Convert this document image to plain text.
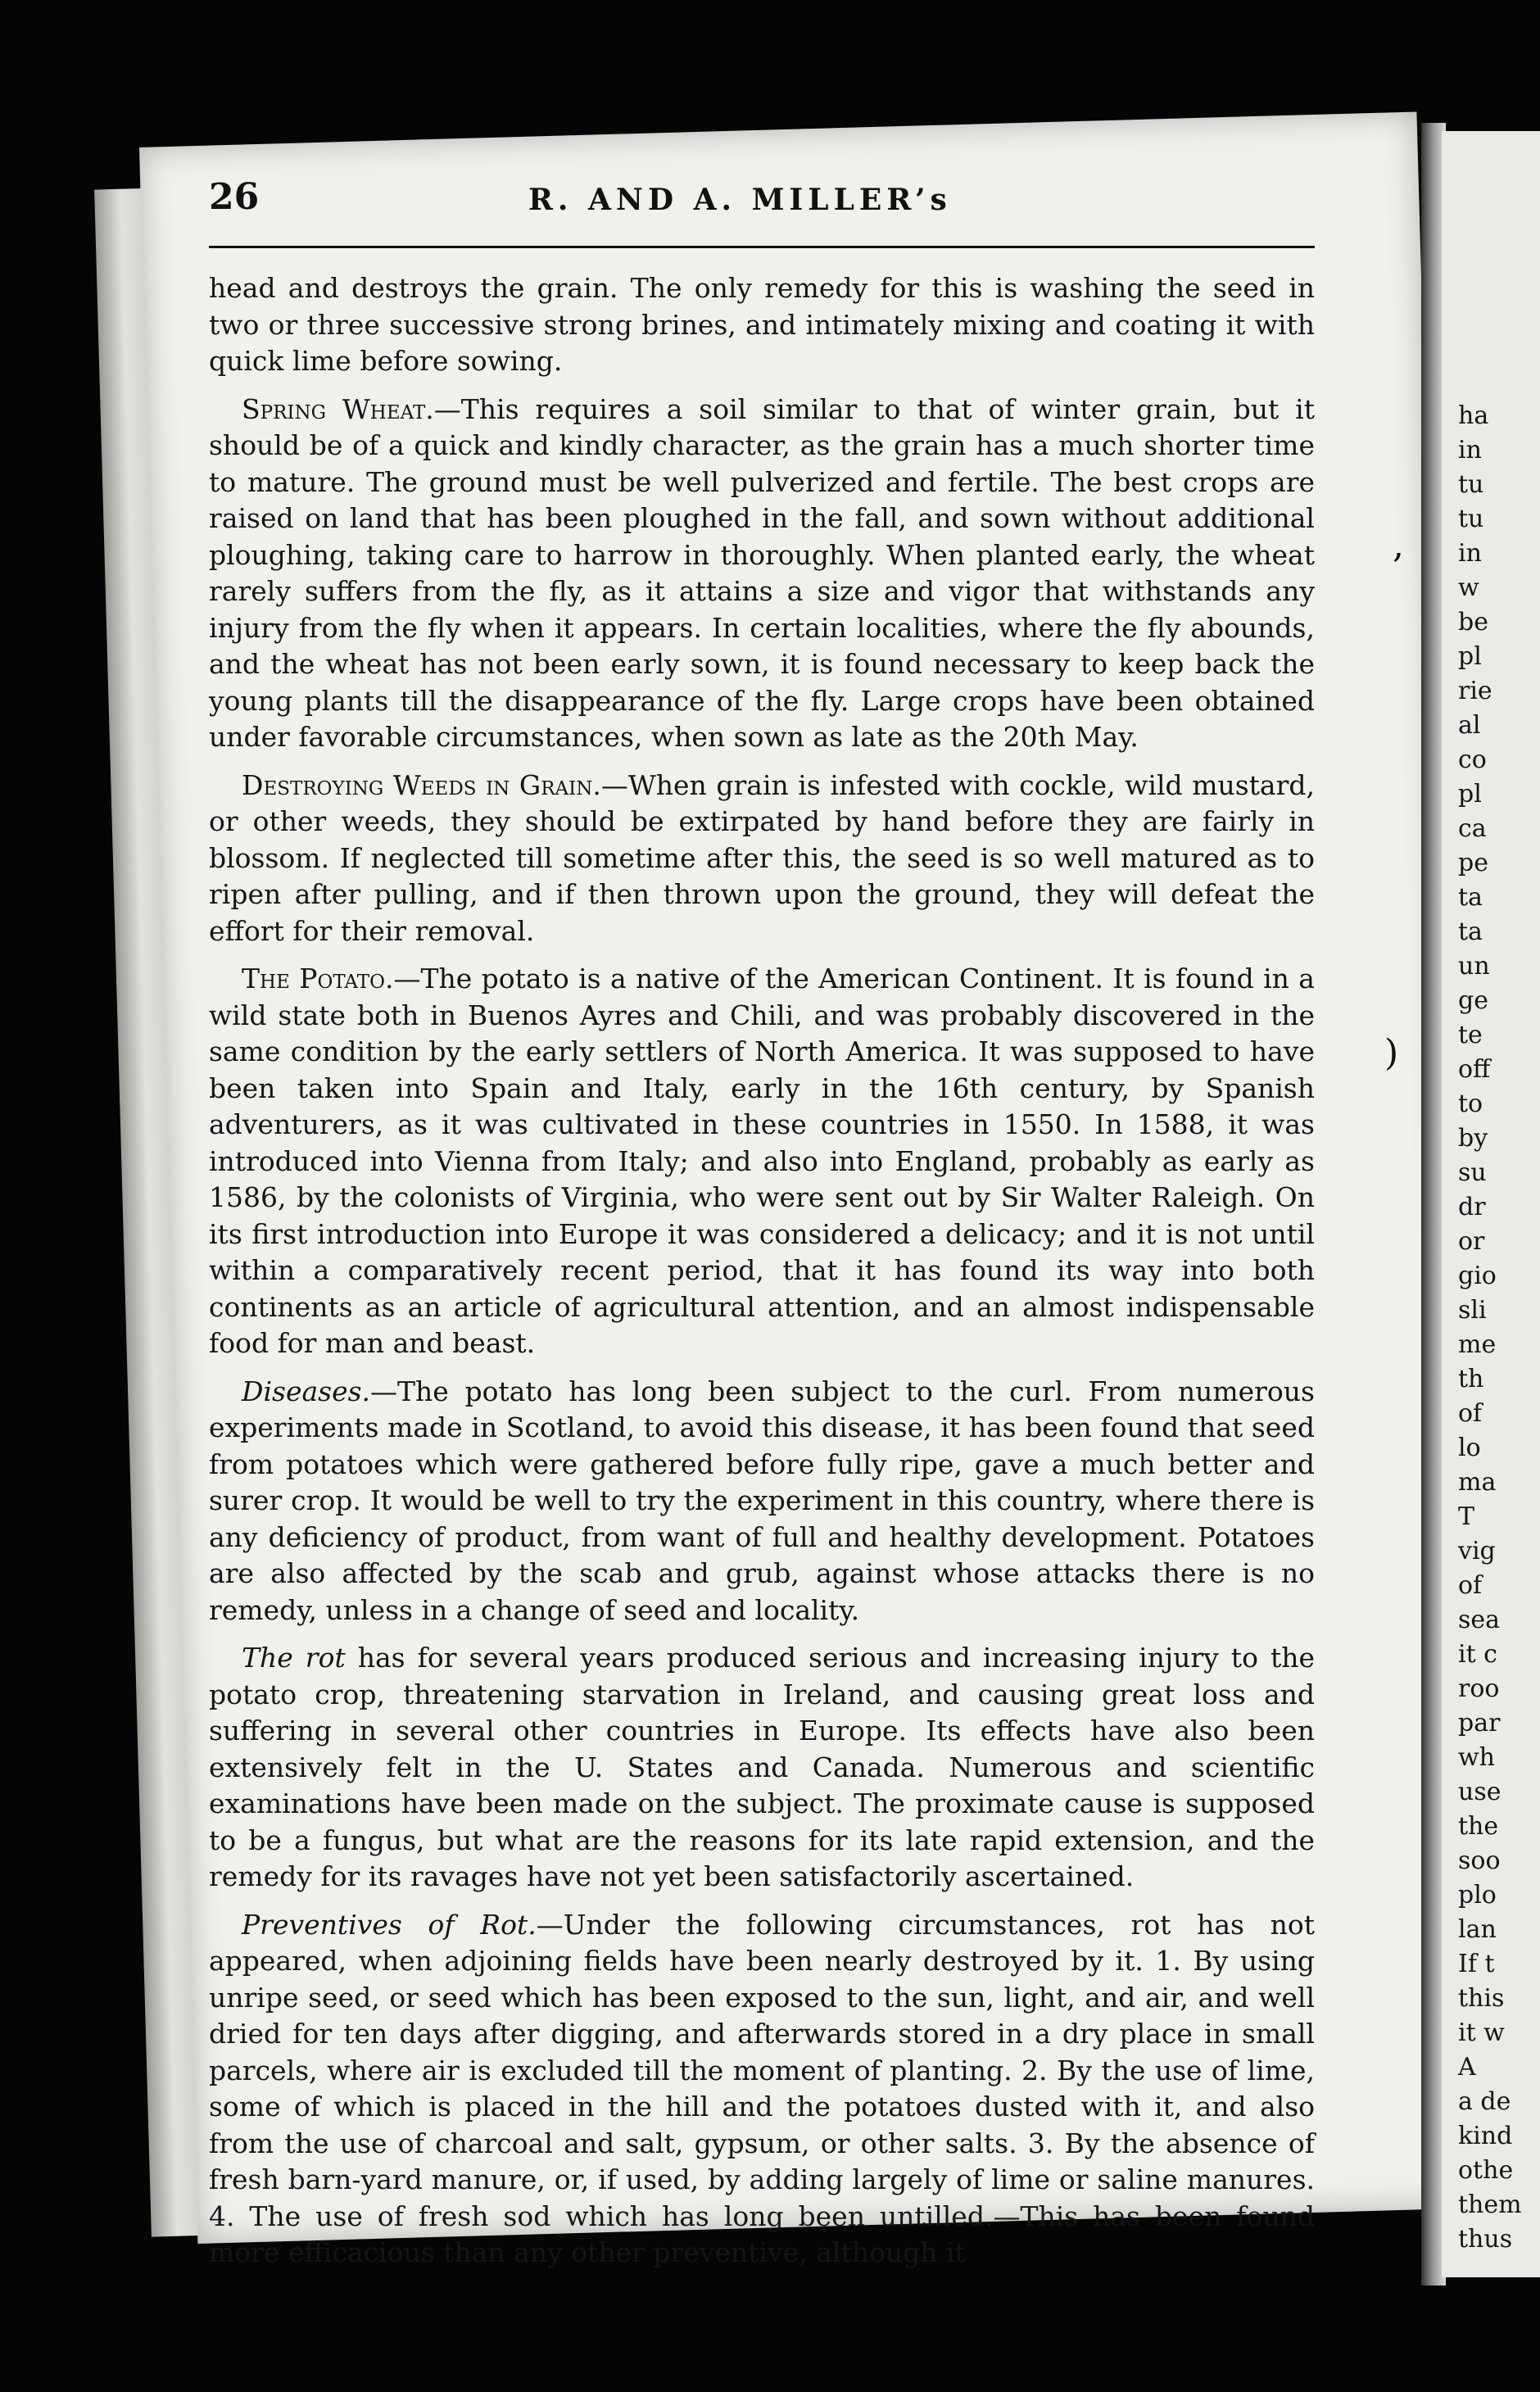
26	R. AND A. MILLER’s

head and destroys the grain. The only remedy for this is washing the seed in two or three successive strong brines, and intimately mixing and coating it with quick lime before sowing.

Spring Wheat.—This requires a soil similar to that of winter grain, but it should be of a quick and kindly character, as the grain has a much shorter time to mature. The ground must be well pulverized and fertile. The best crops are raised on land that has been ploughed in the fall, and sown without additional ploughing, taking care to harrow in thoroughly. When planted early, the wheat rarely suffers from the fly, as it attains a size and vigor that withstands any injury from the fly when it appears. In certain localities, where the fly abounds, and the wheat has not been early sown, it is found necessary to keep back the young plants till the disappearance of the fly. Large crops have been obtained under favorable circumstances, when sown as late as the 20th May.

Destroying Weeds in Grain.—When grain is infested with cockle, wild mustard, or other weeds, they should be extirpated by hand before they are fairly in blossom. If neglected till sometime after this, the seed is so well matured as to ripen after pulling, and if then thrown upon the ground, they will defeat the effort for their removal.

The Potato.—The potato is a native of the American Continent. It is found in a wild state both in Buenos Ayres and Chili, and was probably discovered in the same condition by the early settlers of North America. It was supposed to have been taken into Spain and Italy, early in the 16th century, by Spanish adventurers, as it was cultivated in these countries in 1550. In 1588, it was introduced into Vienna from Italy; and also into England, probably as early as 1586, by the colonists of Virginia, who were sent out by Sir Walter Raleigh. On its first introduction into Europe it was considered a delicacy; and it is not until within a comparatively recent period, that it has found its way into both continents as an article of agricultural attention, and an almost indispensable food for man and beast.

Diseases.—The potato has long been subject to the curl. From numerous experiments made in Scotland, to avoid this disease, it has been found that seed from potatoes which were gathered before fully ripe, gave a much better and surer crop. It would be well to try the experiment in this country, where there is any deficiency of product, from want of full and healthy development. Potatoes are also affected by the scab and grub, against whose attacks there is no remedy, unless in a change of seed and locality.

The rot has for several years produced serious and increasing injury to the potato crop, threatening starvation in Ireland, and causing great loss and suffering in several other countries in Europe. Its effects have also been extensively felt in the U. States and Canada. Numerous and scientific examinations have been made on the subject. The proximate cause is supposed to be a fungus, but what are the reasons for its late rapid extension, and the remedy for its ravages have not yet been satisfactorily ascertained.

Preventives of Rot.—Under the following circumstances, rot has not appeared, when adjoining fields have been nearly destroyed by it. 1. By using unripe seed, or seed which has been exposed to the sun, light, and air, and well dried for ten days after digging, and afterwards stored in a dry place in small parcels, where air is excluded till the moment of planting. 2. By the use of lime, some of which is placed in the hill and the potatoes dusted with it, and also from the use of charcoal and salt, gypsum, or other salts. 3. By the absence of fresh barn-yard manure, or, if used, by adding largely of lime or saline manures. 4. The use of fresh sod which has long been untilled.—This has been found more efficacious than any other preventive, although it

ha
in
tu
tu
in
w
be
pl
rie
al
co
pl
ca
pe
ta
ta
un
ge
te
off
to
by
su
dr
or
gio
sli
me
th
of
lo
ma
T
vig
of
sea
it c
roo
par
wh
use
the
soo
plo
lan
If t
this
it w
A
a de
kind
othe
them
thus
,
)
